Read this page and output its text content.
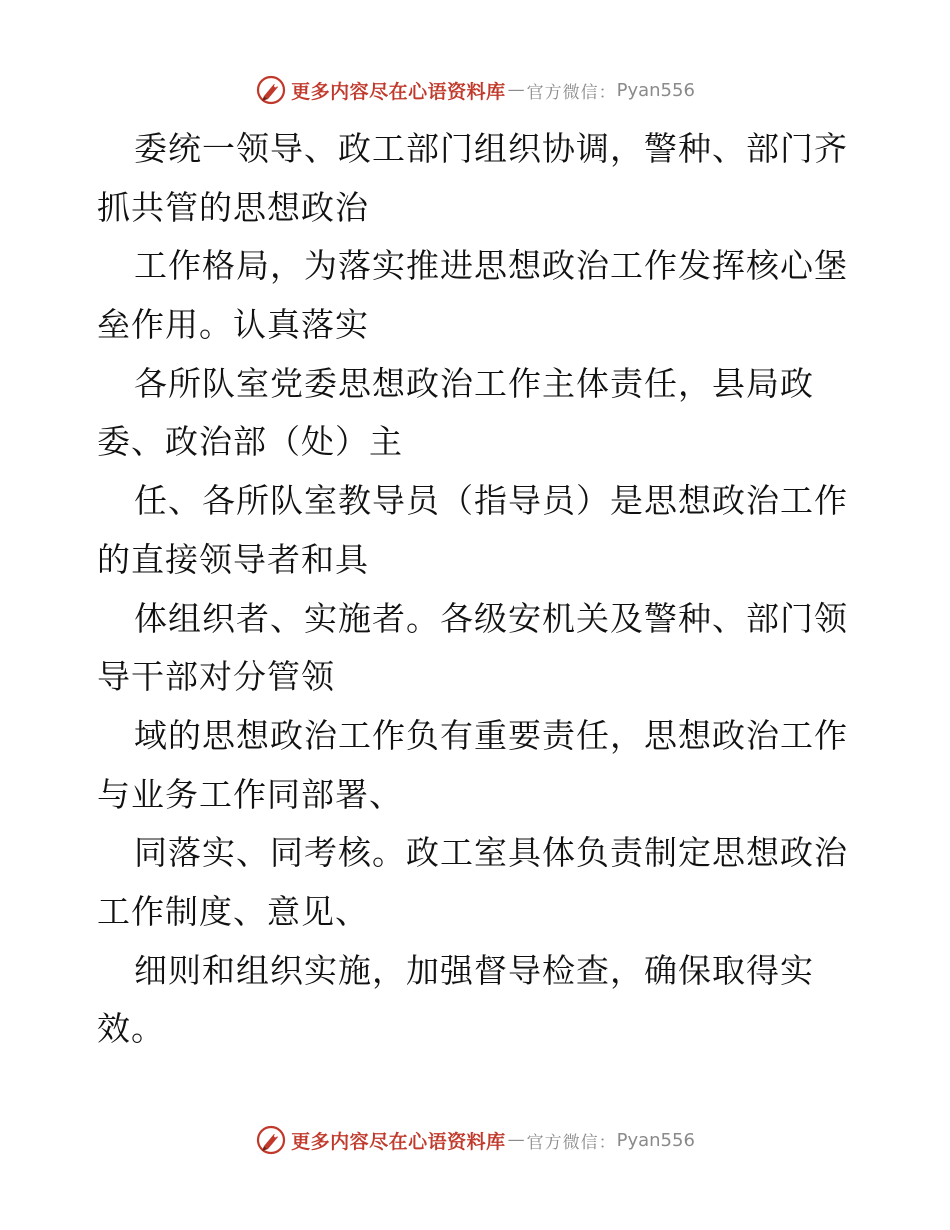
更多内容尽在心语资料库 — 官方微信： Pyan556
委统一领导、政工部门组织协调，警种、部门齐
抓共管的思想政治
工作格局，为落实推进思想政治工作发挥核心堡
垒作用。认真落实
各所队室党委思想政治工作主体责任，县局政
委、政治部（处）主
任、各所队室教导员（指导员）是思想政治工作
的直接领导者和具
体组织者、实施者。各级安机关及警种、部门领
导干部对分管领
域的思想政治工作负有重要责任，思想政治工作
与业务工作同部署、
同落实、同考核。政工室具体负责制定思想政治
工作制度、意见、
细则和组织实施，加强督导检查，确保取得实
效。
更多内容尽在心语资料库 — 官方微信： Pyan556
